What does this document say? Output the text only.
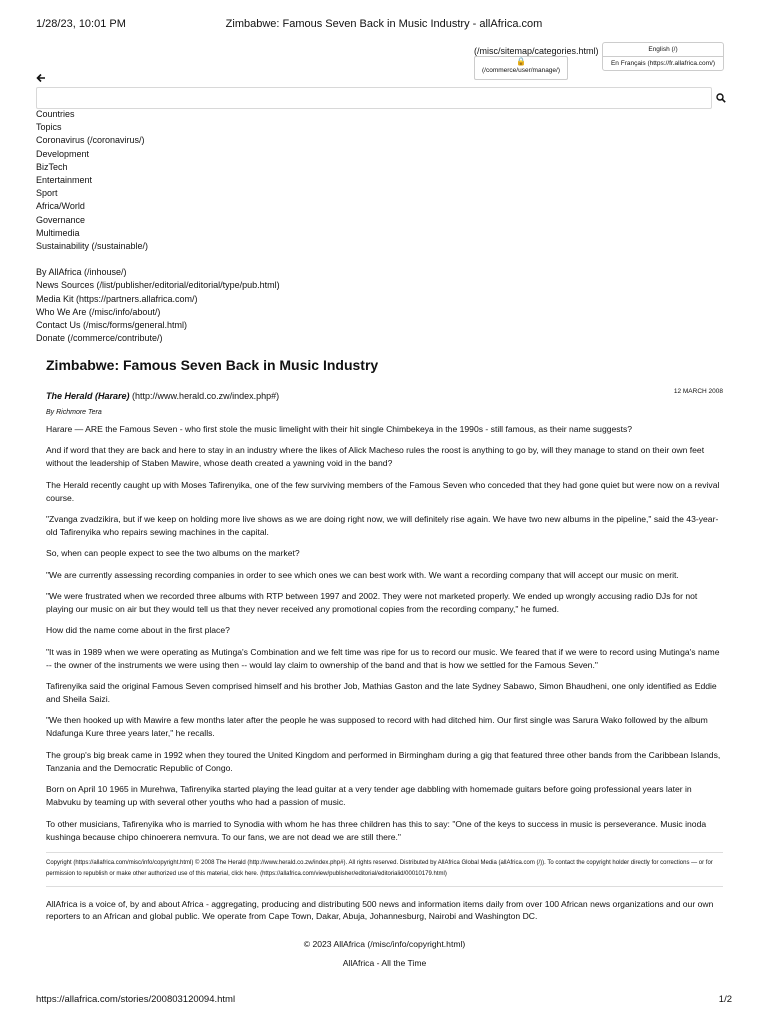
1/28/23, 10:01 PM	Zimbabwe: Famous Seven Back in Music Industry - allAfrica.com
(/misc/sitemap/categories.html)
🔒
(/commerce/user/manage/)
English (/)
En Français (https://fr.allafrica.com/)
Countries
Topics
Coronavirus (/coronavirus/)
Development
BizTech
Entertainment
Sport
Africa/World
Governance
Multimedia
Sustainability (/sustainable/)
By AllAfrica (/inhouse/)
News Sources (/list/publisher/editorial/editorial/type/pub.html)
Media Kit (https://partners.allafrica.com/)
Who We Are (/misc/info/about/)
Contact Us (/misc/forms/general.html)
Donate (/commerce/contribute/)
Zimbabwe: Famous Seven Back in Music Industry
The Herald (Harare) (http://www.herald.co.zw/index.php#)	12 MARCH 2008
By Richmore Tera

Harare — ARE the Famous Seven - who first stole the music limelight with their hit single Chimbekeya in the 1990s - still famous, as their name suggests?

And if word that they are back and here to stay in an industry where the likes of Alick Macheso rules the roost is anything to go by, will they manage to stand on their own feet without the leadership of Staben Mawire, whose death created a yawning void in the band?

The Herald recently caught up with Moses Tafirenyika, one of the few surviving members of the Famous Seven who conceded that they had gone quiet but were now on a revival course.

"Zvanga zvadzikira, but if we keep on holding more live shows as we are doing right now, we will definitely rise again. We have two new albums in the pipeline," said the 43-year-old Tafirenyika who repairs sewing machines in the capital.

So, when can people expect to see the two albums on the market?

"We are currently assessing recording companies in order to see which ones we can best work with. We want a recording company that will accept our music on merit.

"We were frustrated when we recorded three albums with RTP between 1997 and 2002. They were not marketed properly. We ended up wrongly accusing radio DJs for not playing our music on air but they would tell us that they never received any promotional copies from the recording company," he fumed.

How did the name come about in the first place?

"It was in 1989 when we were operating as Mutinga's Combination and we felt time was ripe for us to record our music. We feared that if we were to record using Mutinga's name -- the owner of the instruments we were using then -- would lay claim to ownership of the band and that is how we settled for the Famous Seven."

Tafirenyika said the original Famous Seven comprised himself and his brother Job, Mathias Gaston and the late Sydney Sabawo, Simon Bhaudheni, one only identified as Eddie and Sheila Saizi.

"We then hooked up with Mawire a few months later after the people he was supposed to record with had ditched him. Our first single was Sarura Wako followed by the album Ndafunga Kure three years later," he recalls.

The group's big break came in 1992 when they toured the United Kingdom and performed in Birmingham during a gig that featured three other bands from the Caribbean Islands, Tanzania and the Democratic Republic of Congo.

Born on April 10 1965 in Murehwa, Tafirenyika started playing the lead guitar at a very tender age dabbling with homemade guitars before going professional years later in Mabvuku by teaming up with several other youths who had a passion of music.

To other musicians, Tafirenyika who is married to Synodia with whom he has three children has this to say: "One of the keys to success in music is perseverance. Music inoda kushinga because chipo chinoerera nemvura. To our fans, we are not dead we are still there."

Copyright (https://allafrica.com/misc/info/copyright.html) © 2008 The Herald (http://www.herald.co.zw/index.php#). All rights reserved. Distributed by AllAfrica Global Media (allAfrica.com (/)). To contact the copyright holder directly for corrections — or for permission to republish or make other authorized use of this material, click here. (https://allafrica.com/view/publisher/editorial/editorialid/00010179.html)
AllAfrica is a voice of, by and about Africa - aggregating, producing and distributing 500 news and information items daily from over 100 African news organizations and our own reporters to an African and global public. We operate from Cape Town, Dakar, Abuja, Johannesburg, Nairobi and Washington DC.
© 2023 AllAfrica (/misc/info/copyright.html)
AllAfrica - All the Time
https://allafrica.com/stories/200803120094.html	1/2
